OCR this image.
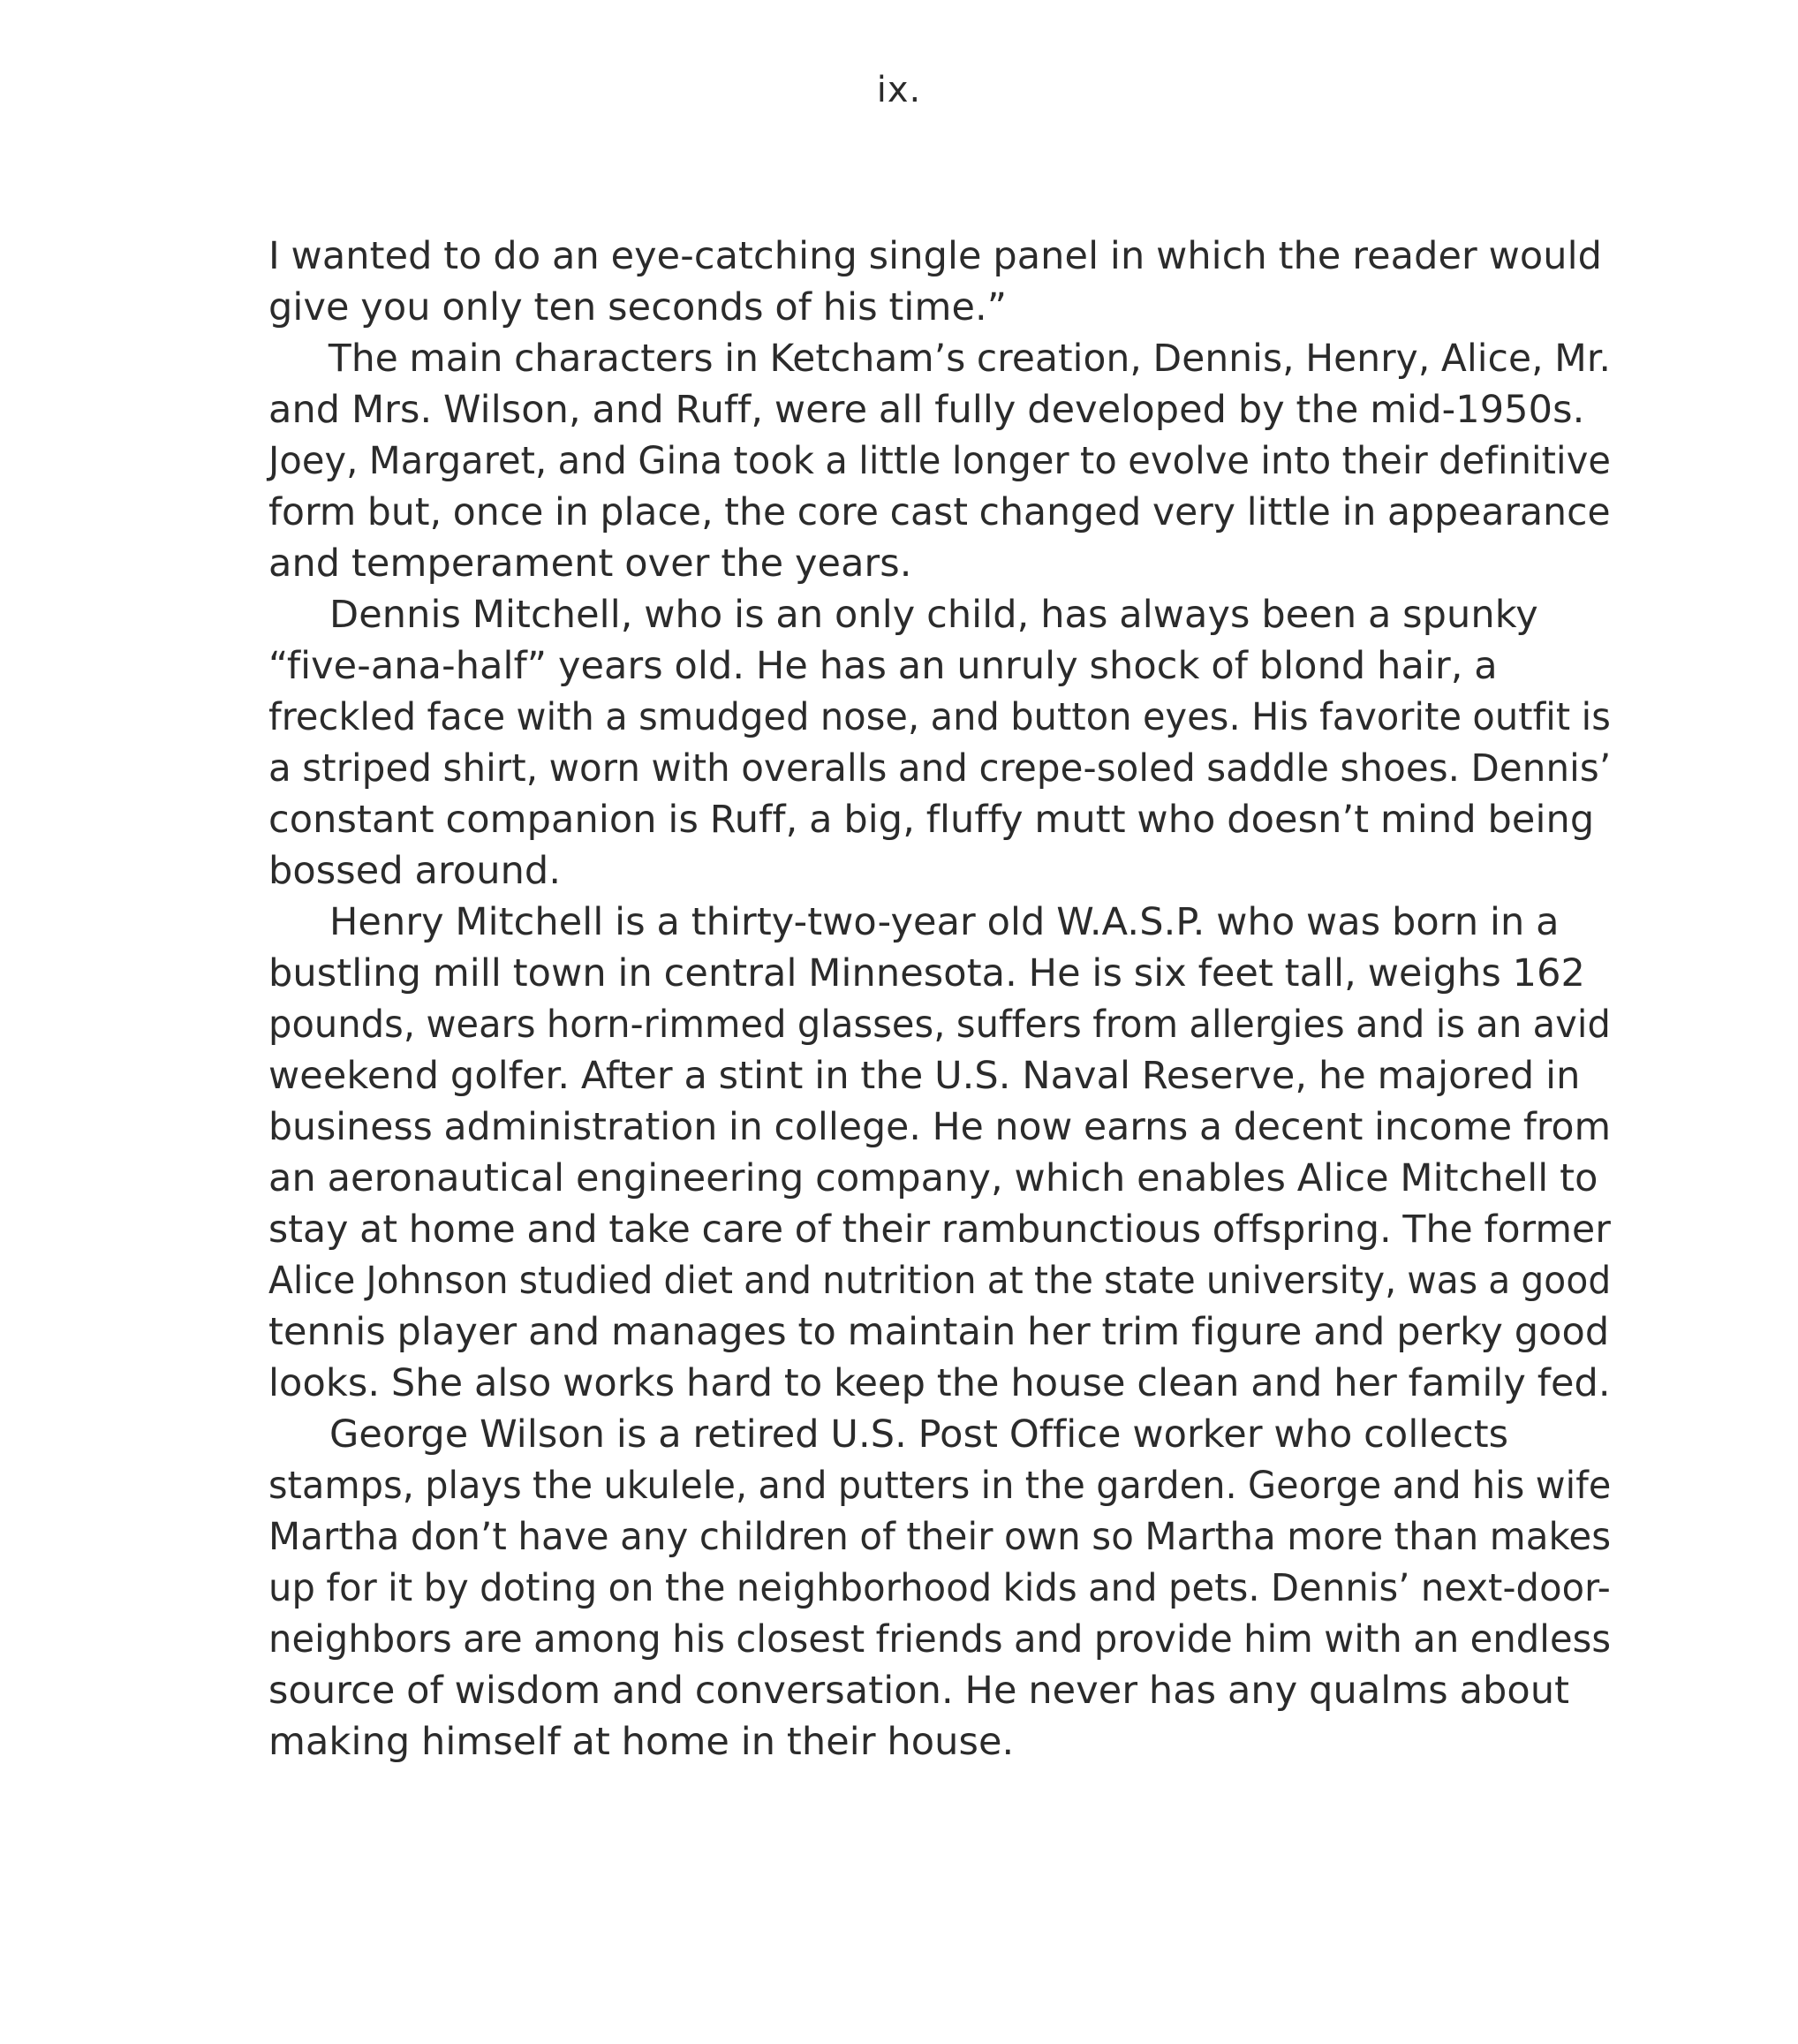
ix.
I wanted to do an eye-catching single panel in which the reader would
give you only ten seconds of his time.”
The main characters in Ketcham’s creation, Dennis, Henry, Alice, Mr.
and Mrs. Wilson, and Ruff, were all fully developed by the mid-1950s.
Joey, Margaret, and Gina took a little longer to evolve into their definitive
form but, once in place, the core cast changed very little in appearance
and temperament over the years.
Dennis Mitchell, who is an only child, has always been a spunky
“five-ana-half” years old. He has an unruly shock of blond hair, a
freckled face with a smudged nose, and button eyes. His favorite outfit is
a striped shirt, worn with overalls and crepe-soled saddle shoes. Dennis’
constant companion is Ruff, a big, fluffy mutt who doesn’t mind being
bossed around.
Henry Mitchell is a thirty-two-year old W.A.S.P. who was born in a
bustling mill town in central Minnesota. He is six feet tall, weighs 162
pounds, wears horn-rimmed glasses, suffers from allergies and is an avid
weekend golfer. After a stint in the U.S. Naval Reserve, he majored in
business administration in college. He now earns a decent income from
an aeronautical engineering company, which enables Alice Mitchell to
stay at home and take care of their rambunctious offspring. The former
Alice Johnson studied diet and nutrition at the state university, was a good
tennis player and manages to maintain her trim figure and perky good
looks. She also works hard to keep the house clean and her family fed.
George Wilson is a retired U.S. Post Office worker who collects
stamps, plays the ukulele, and putters in the garden. George and his wife
Martha don’t have any children of their own so Martha more than makes
up for it by doting on the neighborhood kids and pets. Dennis’ next-door-
neighbors are among his closest friends and provide him with an endless
source of wisdom and conversation. He never has any qualms about
making himself at home in their house.
